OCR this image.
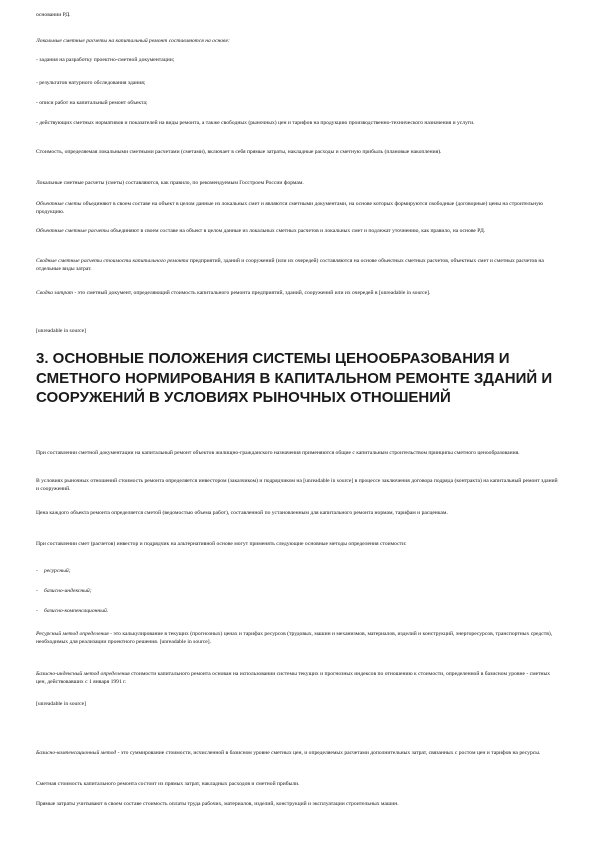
основании РД.

Локальные сметные расчеты на капитальный ремонт составляются на основе:

- задания на разработку проектно-сметной документации;

- результатов натурного обследования здания;

- описи работ на капитальный ремонт объекта;

- действующих сметных нормативов и показателей на виды ремонта, а также свободных (рыночных) цен и тарифов на продукцию производственно-технического назначения и услуги.

Стоимость, определяемая локальными сметными расчетами (сметами), включает в себя прямые затраты, накладные расходы и сметную прибыль (плановые накопления).

Локальные сметные расчеты (сметы) составляются, как правило, по рекомендуемым Госстроем России формам.

Объектные сметы объединяют в своем составе на объект в целом данные из локальных смет и являются сметными документами, на основе которых формируются свободные (договорные) цены на строительную продукцию.

Объектные сметные расчеты объединяют в своем составе на объект в целом данные из локальных сметных расчетов и локальных смет и подлежат уточнению, как правило, на основе РД.

Сводные сметные расчеты стоимости капитального ремонта предприятий, зданий и сооружений (или их очередей) составляются на основе объектных сметных расчетов, объектных смет и сметных расчетов на отдельные виды затрат.

Сводка затрат - это сметный документ, определяющий стоимость капитального ремонта предприятий, зданий, сооружений или их очередей в [unreadable in source].

[unreadable in source]

3. ОСНОВНЫЕ ПОЛОЖЕНИЯ СИСТЕМЫ ЦЕНООБРАЗОВАНИЯ И СМЕТНОГО НОРМИРОВАНИЯ В КАПИТАЛЬНОМ РЕМОНТЕ ЗДАНИЙ И СООРУЖЕНИЙ В УСЛОВИЯХ РЫНОЧНЫХ ОТНОШЕНИЙ

При составлении сметной документации на капитальный ремонт объектов жилищно-гражданского назначения применяются общие с капитальным строительством принципы сметного ценообразования.

В условиях рыночных отношений стоимость ремонта определяется инвестором (заказчиком) и подрядчиком на [unreadable in source] в процессе заключения договора подряда (контракта) на капитальный ремонт зданий и сооружений.

Цена каждого объекта ремонта определяется сметой (ведомостью объема работ), составленной по установленным для капитального ремонта нормам, тарифам и расценкам.

При составлении смет (расчетов) инвестор и подрядчик на альтернативной основе могут применять следующие основные методы определения стоимости:

- ресурсный;

- базисно-индексный;

- базисно-компенсационный.

Ресурсный метод определения - это калькулирование в текущих (прогнозных) ценах и тарифах ресурсов (трудовых, машин и механизмов, материалов, изделий и конструкций, энергоресурсов, транспортных средств), необходимых для реализации проектного решения. [unreadable in source].

Базисно-индексный метод определения стоимости капитального ремонта основан на использовании системы текущих и прогнозных индексов по отношению к стоимости, определенной в базисном уровне - сметных цен, действовавших с 1 января 1991 г.

[unreadable in source]

Базисно-компенсационный метод - это суммирование стоимости, исчисленной в базисном уровне сметных цен, и определяемых расчетами дополнительных затрат, связанных с ростом цен и тарифов на ресурсы.

Сметная стоимость капитального ремонта состоит из прямых затрат, накладных расходов и сметной прибыли.

Прямые затраты учитывают в своем составе стоимость оплаты труда рабочих, материалов, изделий, конструкций и эксплуатации строительных машин.
